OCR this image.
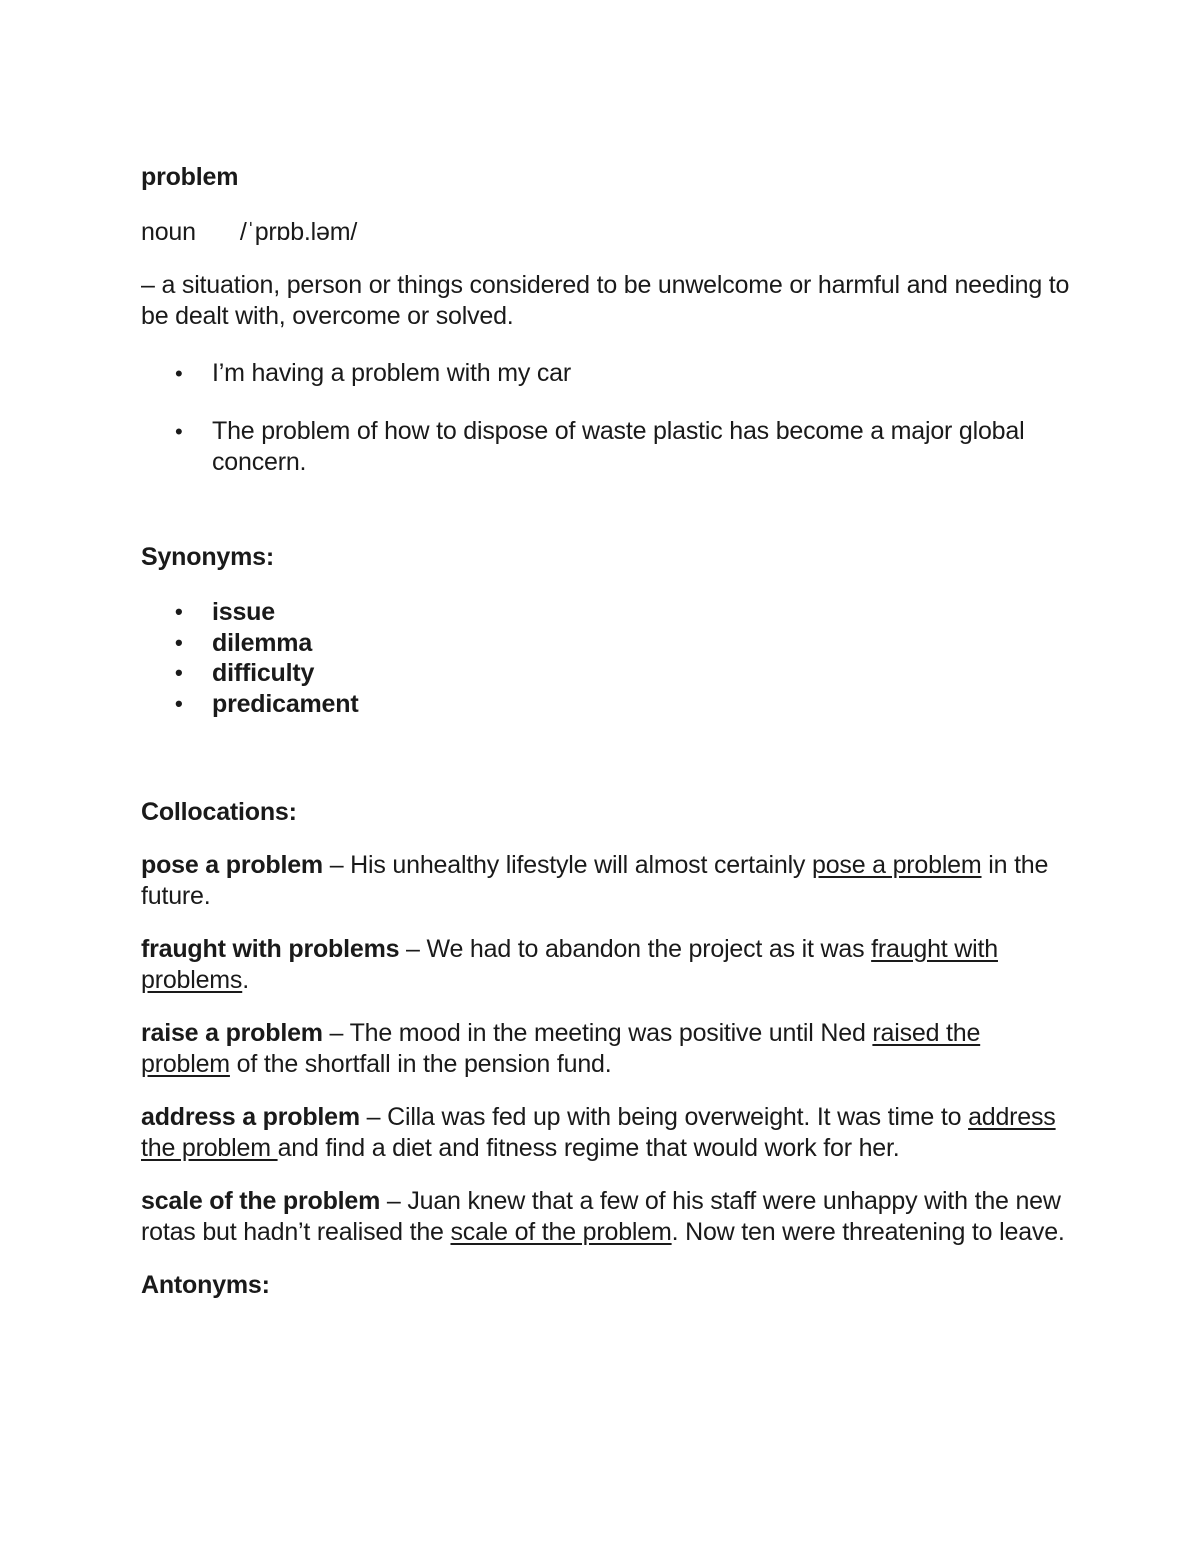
problem

noun /ˈprɒb.ləm/

– a situation, person or things considered to be unwelcome or harmful and needing to be dealt with, overcome or solved.

• I’m having a problem with my car
• The problem of how to dispose of waste plastic has become a major global concern.

Synonyms:

• issue
• dilemma
• difficulty
• predicament

Collocations:

pose a problem – His unhealthy lifestyle will almost certainly pose a problem in the future.

fraught with problems – We had to abandon the project as it was fraught with problems.

raise a problem – The mood in the meeting was positive until Ned raised the problem of the shortfall in the pension fund.

address a problem – Cilla was fed up with being overweight. It was time to address the problem and find a diet and fitness regime that would work for her.

scale of the problem – Juan knew that a few of his staff were unhappy with the new rotas but hadn’t realised the scale of the problem. Now ten were threatening to leave.

Antonyms:
